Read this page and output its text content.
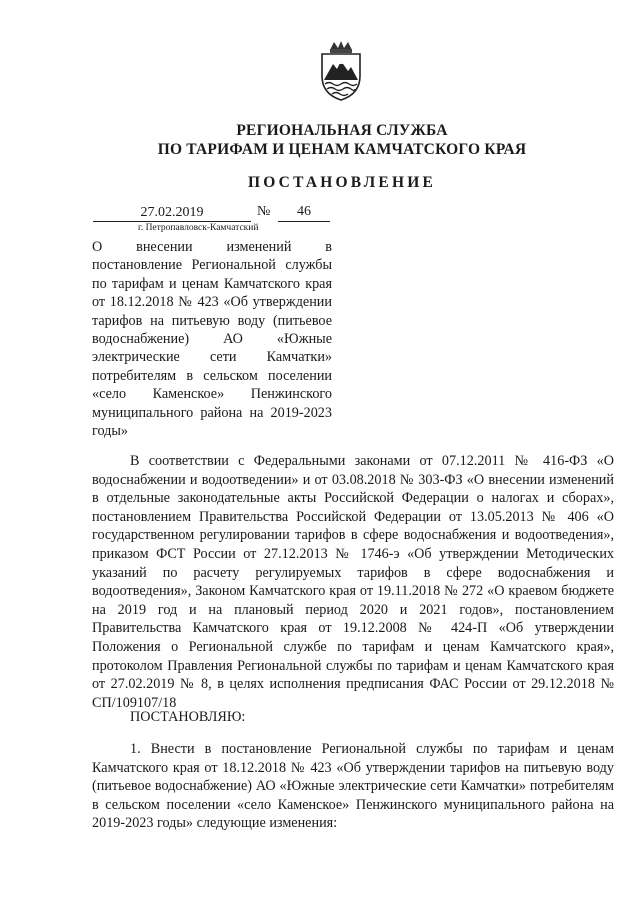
РЕГИОНАЛЬНАЯ СЛУЖБА
ПО ТАРИФАМ И ЦЕНАМ КАМЧАТСКОГО КРАЯ
ПОСТАНОВЛЕНИЕ
27.02.2019	№	46
г. Петропавловск-Камчатский
О внесении изменений в постановление Региональной службы по тарифам и ценам Камчатского края от 18.12.2018 № 423 «Об утверждении тарифов на питьевую воду (питьевое водоснабжение) АО «Южные электрические сети Камчатки» потребителям в сельском поселении «село Каменское» Пенжинского муниципального района на 2019-2023 годы»
В соответствии с Федеральными законами от 07.12.2011 № 416-ФЗ «О водоснабжении и водоотведении» и от 03.08.2018 № 303-ФЗ «О внесении изменений в отдельные законодательные акты Российской Федерации о налогах и сборах», постановлением Правительства Российской Федерации от 13.05.2013 № 406 «О государственном регулировании тарифов в сфере водоснабжения и водоотведения», приказом ФСТ России от 27.12.2013 № 1746-э «Об утверждении Методических указаний по расчету регулируемых тарифов в сфере водоснабжения и водоотведения», Законом Камчатского края от 19.11.2018 № 272 «О краевом бюджете на 2019 год и на плановый период 2020 и 2021 годов», постановлением Правительства Камчатского края от 19.12.2008 № 424-П «Об утверждении Положения о Региональной службе по тарифам и ценам Камчатского края», протоколом Правления Региональной службы по тарифам и ценам Камчатского края от 27.02.2019 № 8, в целях исполнения предписания ФАС России от 29.12.2018 № СП/109107/18
ПОСТАНОВЛЯЮ:
1. Внести в постановление Региональной службы по тарифам и ценам Камчатского края от 18.12.2018 № 423 «Об утверждении тарифов на питьевую воду (питьевое водоснабжение) АО «Южные электрические сети Камчатки» потребителям в сельском поселении «село Каменское» Пенжинского муниципального района на 2019-2023 годы» следующие изменения:
